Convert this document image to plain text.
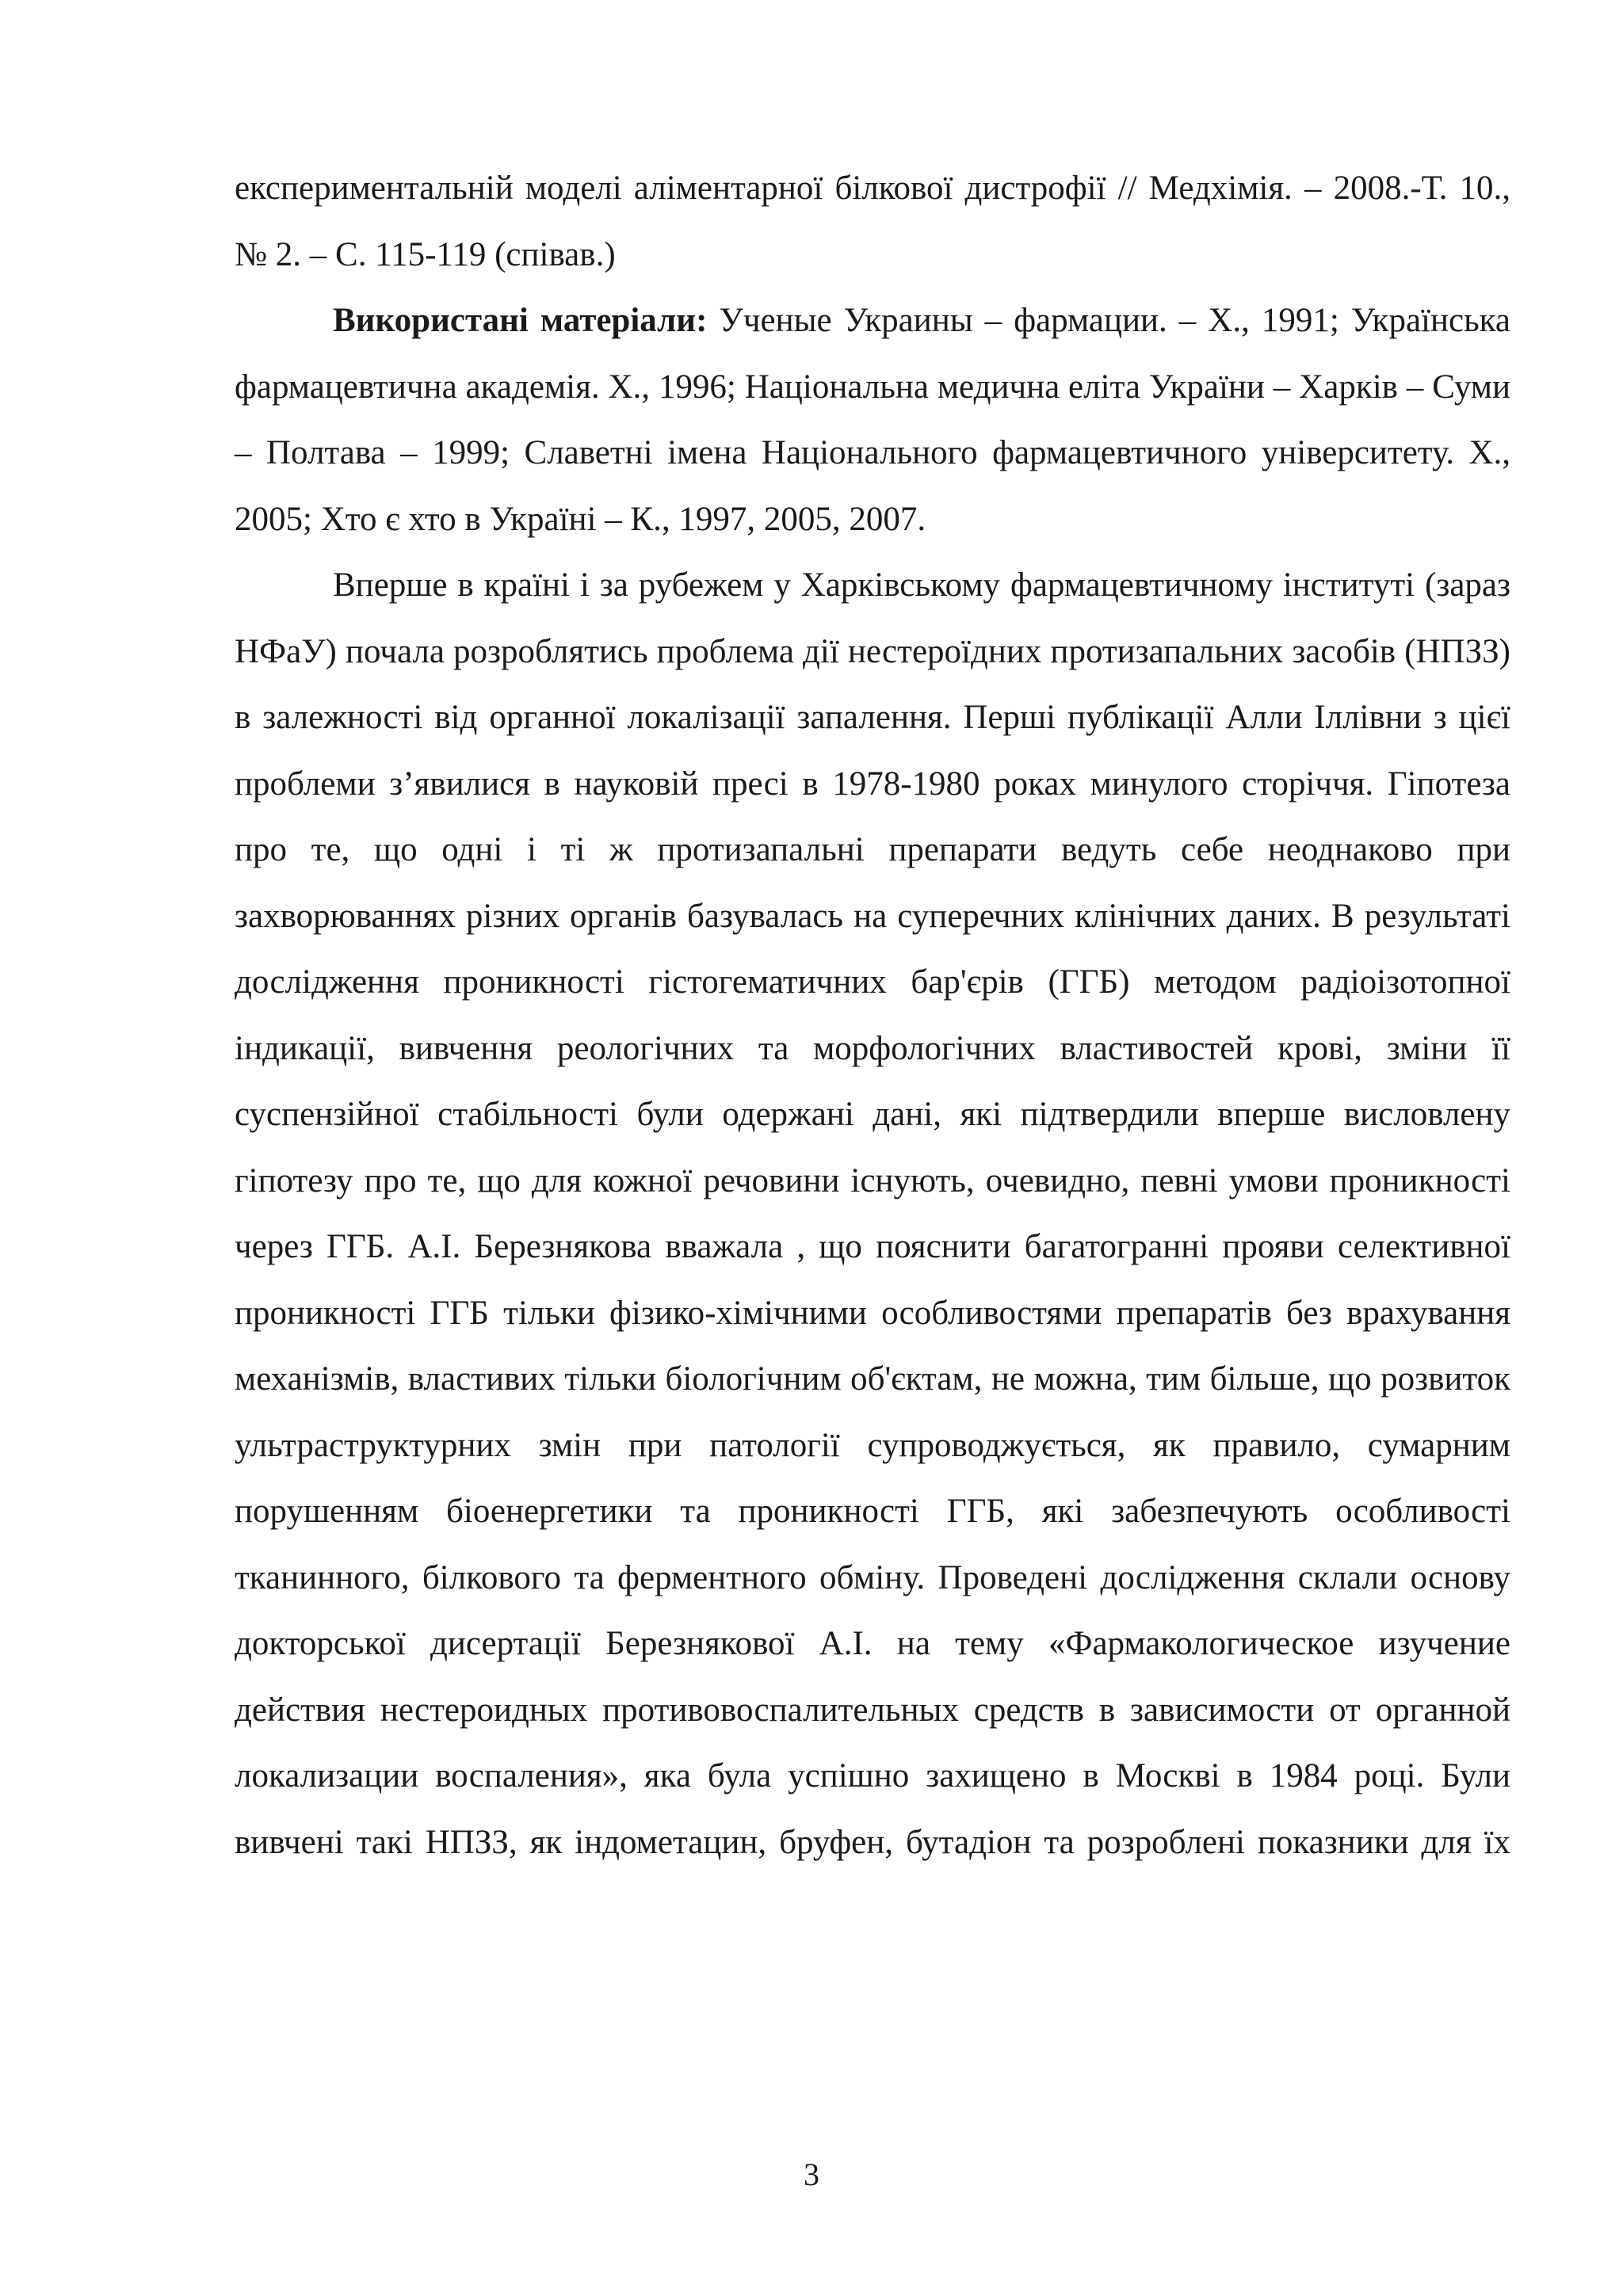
експериментальній моделі аліментарної білкової дистрофії // Медхімія. – 2008.-Т. 10., № 2. – С. 115-119 (співав.)

Використані матеріали: Ученые Украины – фармации. – Х., 1991; Українська фармацевтична академія. Х., 1996; Національна медична еліта України – Харків – Суми – Полтава – 1999; Славетні імена Національного фармацевтичного університету. Х., 2005; Хто є хто в Україні – К., 1997, 2005, 2007.

Вперше в країні і за рубежем у Харківському фармацевтичному інституті (зараз НФаУ) почала розроблятись проблема дії нестероїдних протизапальних засобів (НПЗЗ) в залежності від органної локалізації запалення. Перші публікації Алли Іллівни з цієї проблеми з’явилися в науковій пресі в 1978-1980 роках минулого сторіччя. Гіпотеза про те, що одні і ті ж протизапальні препарати ведуть себе неоднаково при захворюваннях різних органів базувалась на суперечних клінічних даних. В результаті дослідження проникності гістогематичних бар'єрів (ГГБ) методом радіоізотопної індикації, вивчення реологічних та морфологічних властивостей крові, зміни її суспензійної стабільності були одержані дані, які підтвердили вперше висловлену гіпотезу про те, що для кожної речовини існують, очевидно, певні умови проникності через ГГБ. А.І. Березнякова вважала , що пояснити багатогранні прояви селективної проникності ГГБ тільки фізико-хімічними особливостями препаратів без врахування механізмів, властивих тільки біологічним об'єктам, не можна, тим більше, що розвиток ультраструктурних змін при патології супроводжується, як правило, сумарним порушенням біоенергетики та проникності ГГБ, які забезпечують особливості тканинного, білкового та ферментного обміну. Проведені дослідження склали основу докторської дисертації Березнякової А.І. на тему «Фармакологическое изучение действия нестероидных противовоспалительных средств в зависимости от органной локализации воспаления», яка була успішно захищено в Москві в 1984 році. Були вивчені такі НПЗЗ, як індометацин, бруфен, бутадіон та розроблені показники для їх

3
